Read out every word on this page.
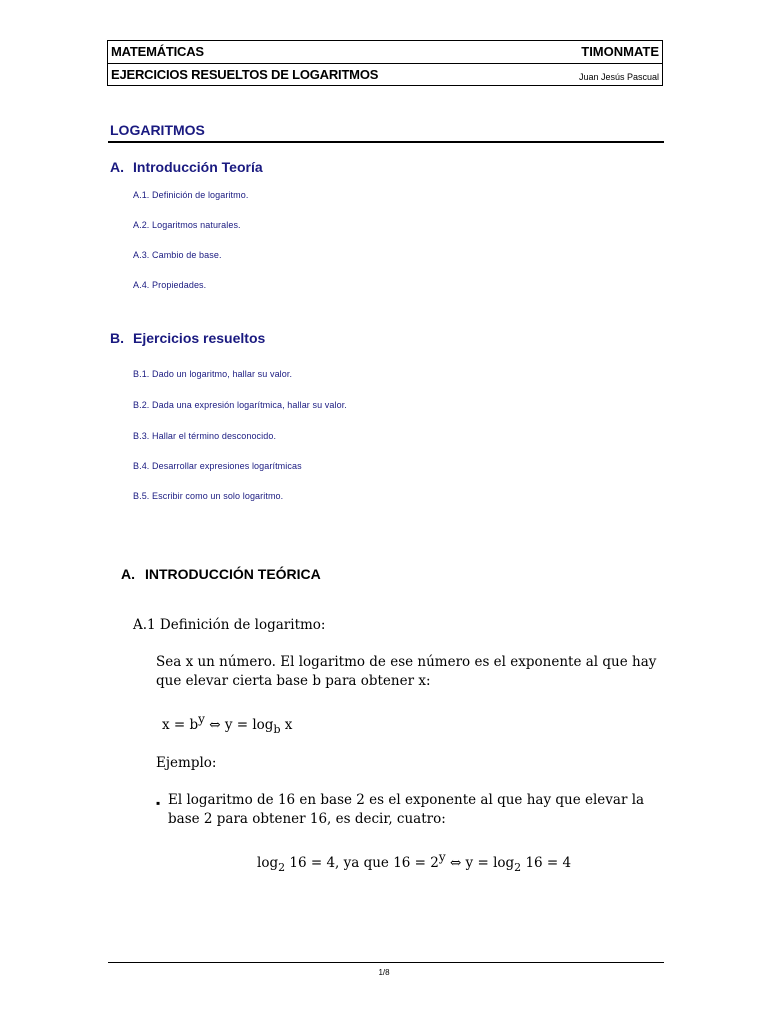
MATEMÁTICAS	TIMONMATE
EJERCICIOS RESUELTOS DE LOGARITMOS	Juan Jesús Pascual
LOGARITMOS
A. Introducción Teoría
A.1. Definición de logaritmo.
A.2. Logaritmos naturales.
A.3. Cambio de base.
A.4. Propiedades.
B. Ejercicios resueltos
B.1. Dado un logaritmo, hallar su valor.
B.2. Dada una expresión logarítmica, hallar su valor.
B.3. Hallar el término desconocido.
B.4. Desarrollar expresiones logarítmicas
B.5. Escribir como un solo logaritmo.
A. INTRODUCCIÓN TEÓRICA
A.1 Definición de logaritmo:
Sea x un número. El logaritmo de ese número es el exponente al que hay
que elevar cierta base b para obtener x:
x = by ⇔ $y = \log_b x$
Ejemplo:
▪ El logaritmo de 16 en base 2 es el exponente al que hay que elevar la
base 2 para obtener 16, es decir, cuatro:
$\log_2 16 = 4$, ya que 16 = 2y ⇔ $y = \log_2 16 = 4$
1/8
